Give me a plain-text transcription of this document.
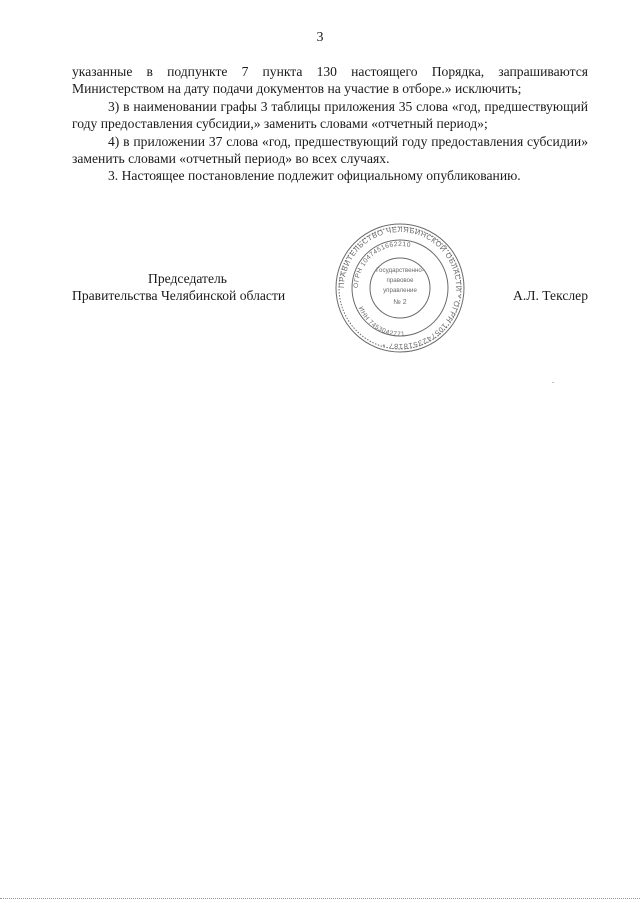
3

указанные в подпункте 7 пункта 130 настоящего Порядка, запрашиваются Министерством на дату подачи документов на участие в отборе.» исключить;

3) в наименовании графы 3 таблицы приложения 35 слова «год, предшествующий году предоставления субсидии,» заменить словами «отчетный период»;

4) в приложении 37 слова «год, предшествующий году предоставления субсидии» заменить словами «отчетный период» во всех случаях.

3. Настоящее постановление подлежит официальному опубликованию.

Председатель
Правительства Челябинской области	А.Л. Текслер
ПРАВИТЕЛЬСТВО ЧЕЛЯБИНСКОЙ ОБЛАСТИ * ОГРН 1057423518187 *
ОГРН 1047451662210
ИНН 7453042771
Государственно-
правовое
управление
№ 2
